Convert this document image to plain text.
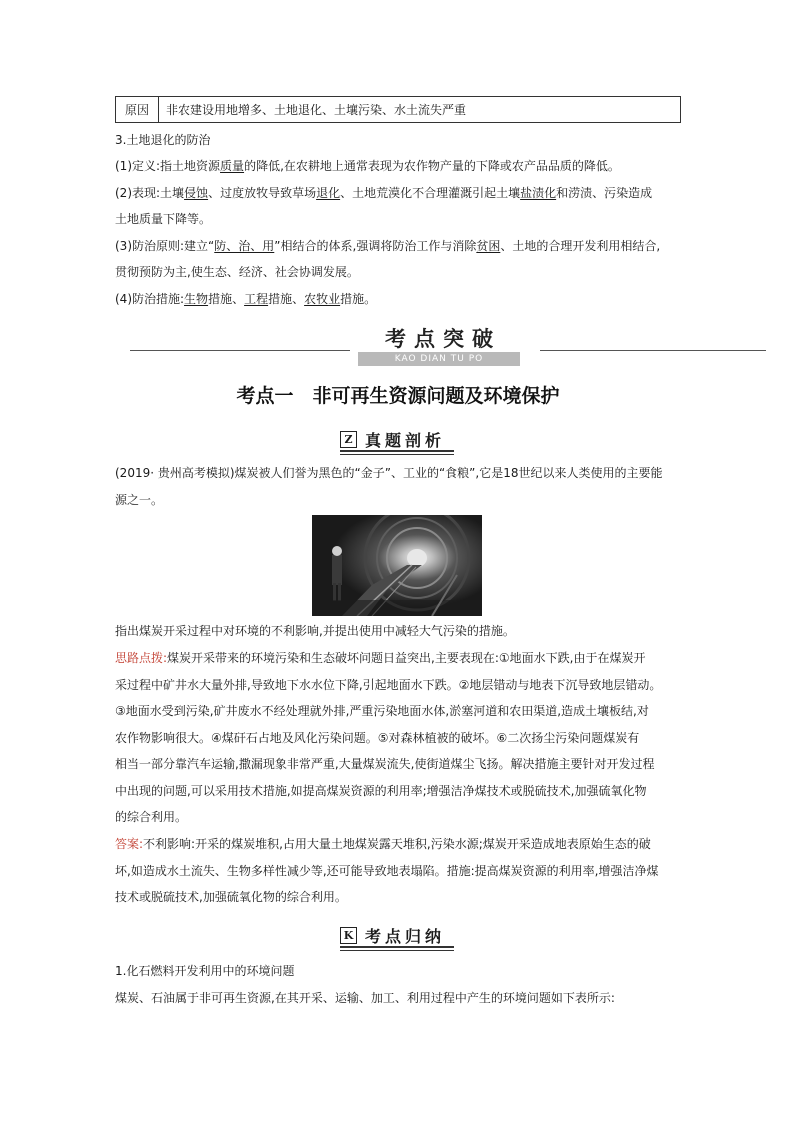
原因	非农建设用地增多、土地退化、土壤污染、水土流失严重

3.土地退化的防治

(1)定义:指土地资源质量的降低,在农耕地上通常表现为农作物产量的下降或农产品品质的降低。

(2)表现:土壤侵蚀、过度放牧导致草场退化、土地荒漠化不合理灌溉引起土壤盐渍化和涝渍、污染造成

土地质量下降等。

(3)防治原则:建立“防、治、用”相结合的体系,强调将防治工作与消除贫困、土地的合理开发利用相结合,

贯彻预防为主,使生态、经济、社会协调发展。

(4)防治措施:生物措施、工程措施、农牧业措施。

考点突破
KAO DIAN TU PO
考点一　非可再生资源问题及环境保护
Z 真题剖析

(2019· 贵州高考模拟)煤炭被人们誉为黑色的“金子”、工业的“食粮”,它是18世纪以来人类使用的主要能

源之一。

指出煤炭开采过程中对环境的不利影响,并提出使用中减轻大气污染的措施。

思路点拨:煤炭开采带来的环境污染和生态破坏问题日益突出,主要表现在:①地面水下跌,由于在煤炭开

采过程中矿井水大量外排,导致地下水水位下降,引起地面水下跌。②地层错动与地表下沉导致地层错动。

③地面水受到污染,矿井废水不经处理就外排,严重污染地面水体,淤塞河道和农田渠道,造成土壤板结,对

农作物影响很大。④煤矸石占地及风化污染问题。⑤对森林植被的破坏。⑥二次扬尘污染问题煤炭有

相当一部分靠汽车运输,撒漏现象非常严重,大量煤炭流失,使街道煤尘飞扬。解决措施主要针对开发过程

中出现的问题,可以采用技术措施,如提高煤炭资源的利用率;增强洁净煤技术或脱硫技术,加强硫氧化物

的综合利用。

答案:不利影响:开采的煤炭堆积,占用大量土地煤炭露天堆积,污染水源;煤炭开采造成地表原始生态的破

坏,如造成水土流失、生物多样性减少等,还可能导致地表塌陷。措施:提高煤炭资源的利用率,增强洁净煤

技术或脱硫技术,加强硫氧化物的综合利用。

K 考点归纳

1.化石燃料开发利用中的环境问题

煤炭、石油属于非可再生资源,在其开采、运输、加工、利用过程中产生的环境问题如下表所示:
